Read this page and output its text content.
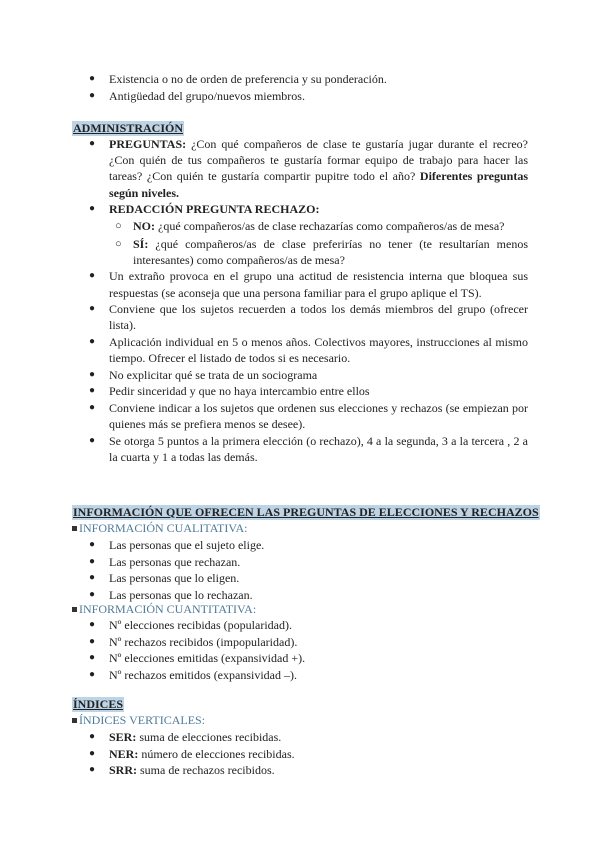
● Existencia o no de orden de preferencia y su ponderación.
● Antigüedad del grupo/nuevos miembros.
ADMINISTRACIÓN
● PREGUNTAS: ¿Con qué compañeros de clase te gustaría jugar durante el recreo? ¿Con quién de tus compañeros te gustaría formar equipo de trabajo para hacer las tareas? ¿Con quién te gustaría compartir pupitre todo el año? Diferentes preguntas según niveles.
● REDACCIÓN PREGUNTA RECHAZO:
○ NO: ¿qué compañeros/as de clase rechazarías como compañeros/as de mesa?
○ SÍ: ¿qué compañeros/as de clase preferirías no tener (te resultarían menos interesantes) como compañeros/as de mesa?
● Un extraño provoca en el grupo una actitud de resistencia interna que bloquea sus respuestas (se aconseja que una persona familiar para el grupo aplique el TS).
● Conviene que los sujetos recuerden a todos los demás miembros del grupo (ofrecer lista).
● Aplicación individual en 5 o menos años. Colectivos mayores, instrucciones al mismo tiempo. Ofrecer el listado de todos si es necesario.
● No explicitar qué se trata de un sociograma
● Pedir sinceridad y que no haya intercambio entre ellos
● Conviene indicar a los sujetos que ordenen sus elecciones y rechazos (se empiezan por quienes más se prefiera menos se desee).
● Se otorga 5 puntos a la primera elección (o rechazo), 4 a la segunda, 3 a la tercera , 2 a la cuarta y 1 a todas las demás.
INFORMACIÓN QUE OFRECEN LAS PREGUNTAS DE ELECCIONES Y RECHAZOS
INFORMACIÓN CUALITATIVA:
● Las personas que el sujeto elige.
● Las personas que rechazan.
● Las personas que lo eligen.
● Las personas que lo rechazan.
INFORMACIÓN CUANTITATIVA:
● Nº elecciones recibidas (popularidad).
● Nº rechazos recibidos (impopularidad).
● Nº elecciones emitidas (expansividad +).
● Nº rechazos emitidos (expansividad –).
ÍNDICES
ÍNDICES VERTICALES:
● SER: suma de elecciones recibidas.
● NER: número de elecciones recibidas.
● SRR: suma de rechazos recibidos.
